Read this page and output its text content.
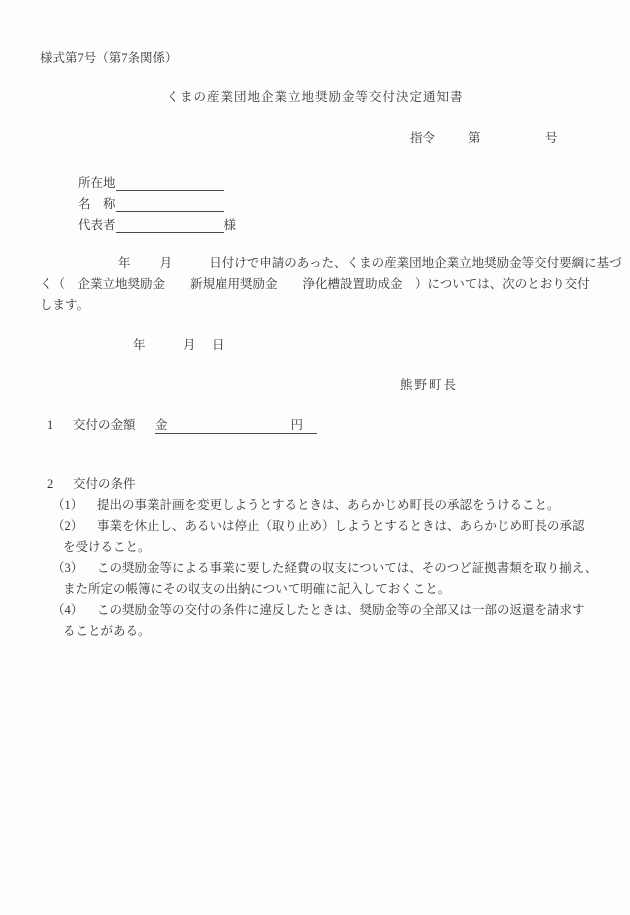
様式第7号（第7条関係）
くまの産業団地企業立地奨励金等交付決定通知書
指令	第	号
所在地
名　称
代表者	様
年 月	日付けで申請のあった、くまの産業団地企業立地奨励金等交付要綱に基づ
く（　企業立地奨励金　　新規雇用奨励金　　浄化槽設置助成金　）については、次のとおり交付
します。
年	月 日
熊野町長
1 交付の金額 金	円
2 交付の条件
（1） 提出の事業計画を変更しようとするときは、あらかじめ町長の承認をうけること。
（2） 事業を休止し、あるいは停止（取り止め）しようとするときは、あらかじめ町長の承認
を受けること。
（3） この奨励金等による事業に要した経費の収支については、そのつど証拠書類を取り揃え、
また所定の帳簿にその収支の出納について明確に記入しておくこと。
（4） この奨励金等の交付の条件に違反したときは、奨励金等の全部又は一部の返還を請求す
ることがある。
